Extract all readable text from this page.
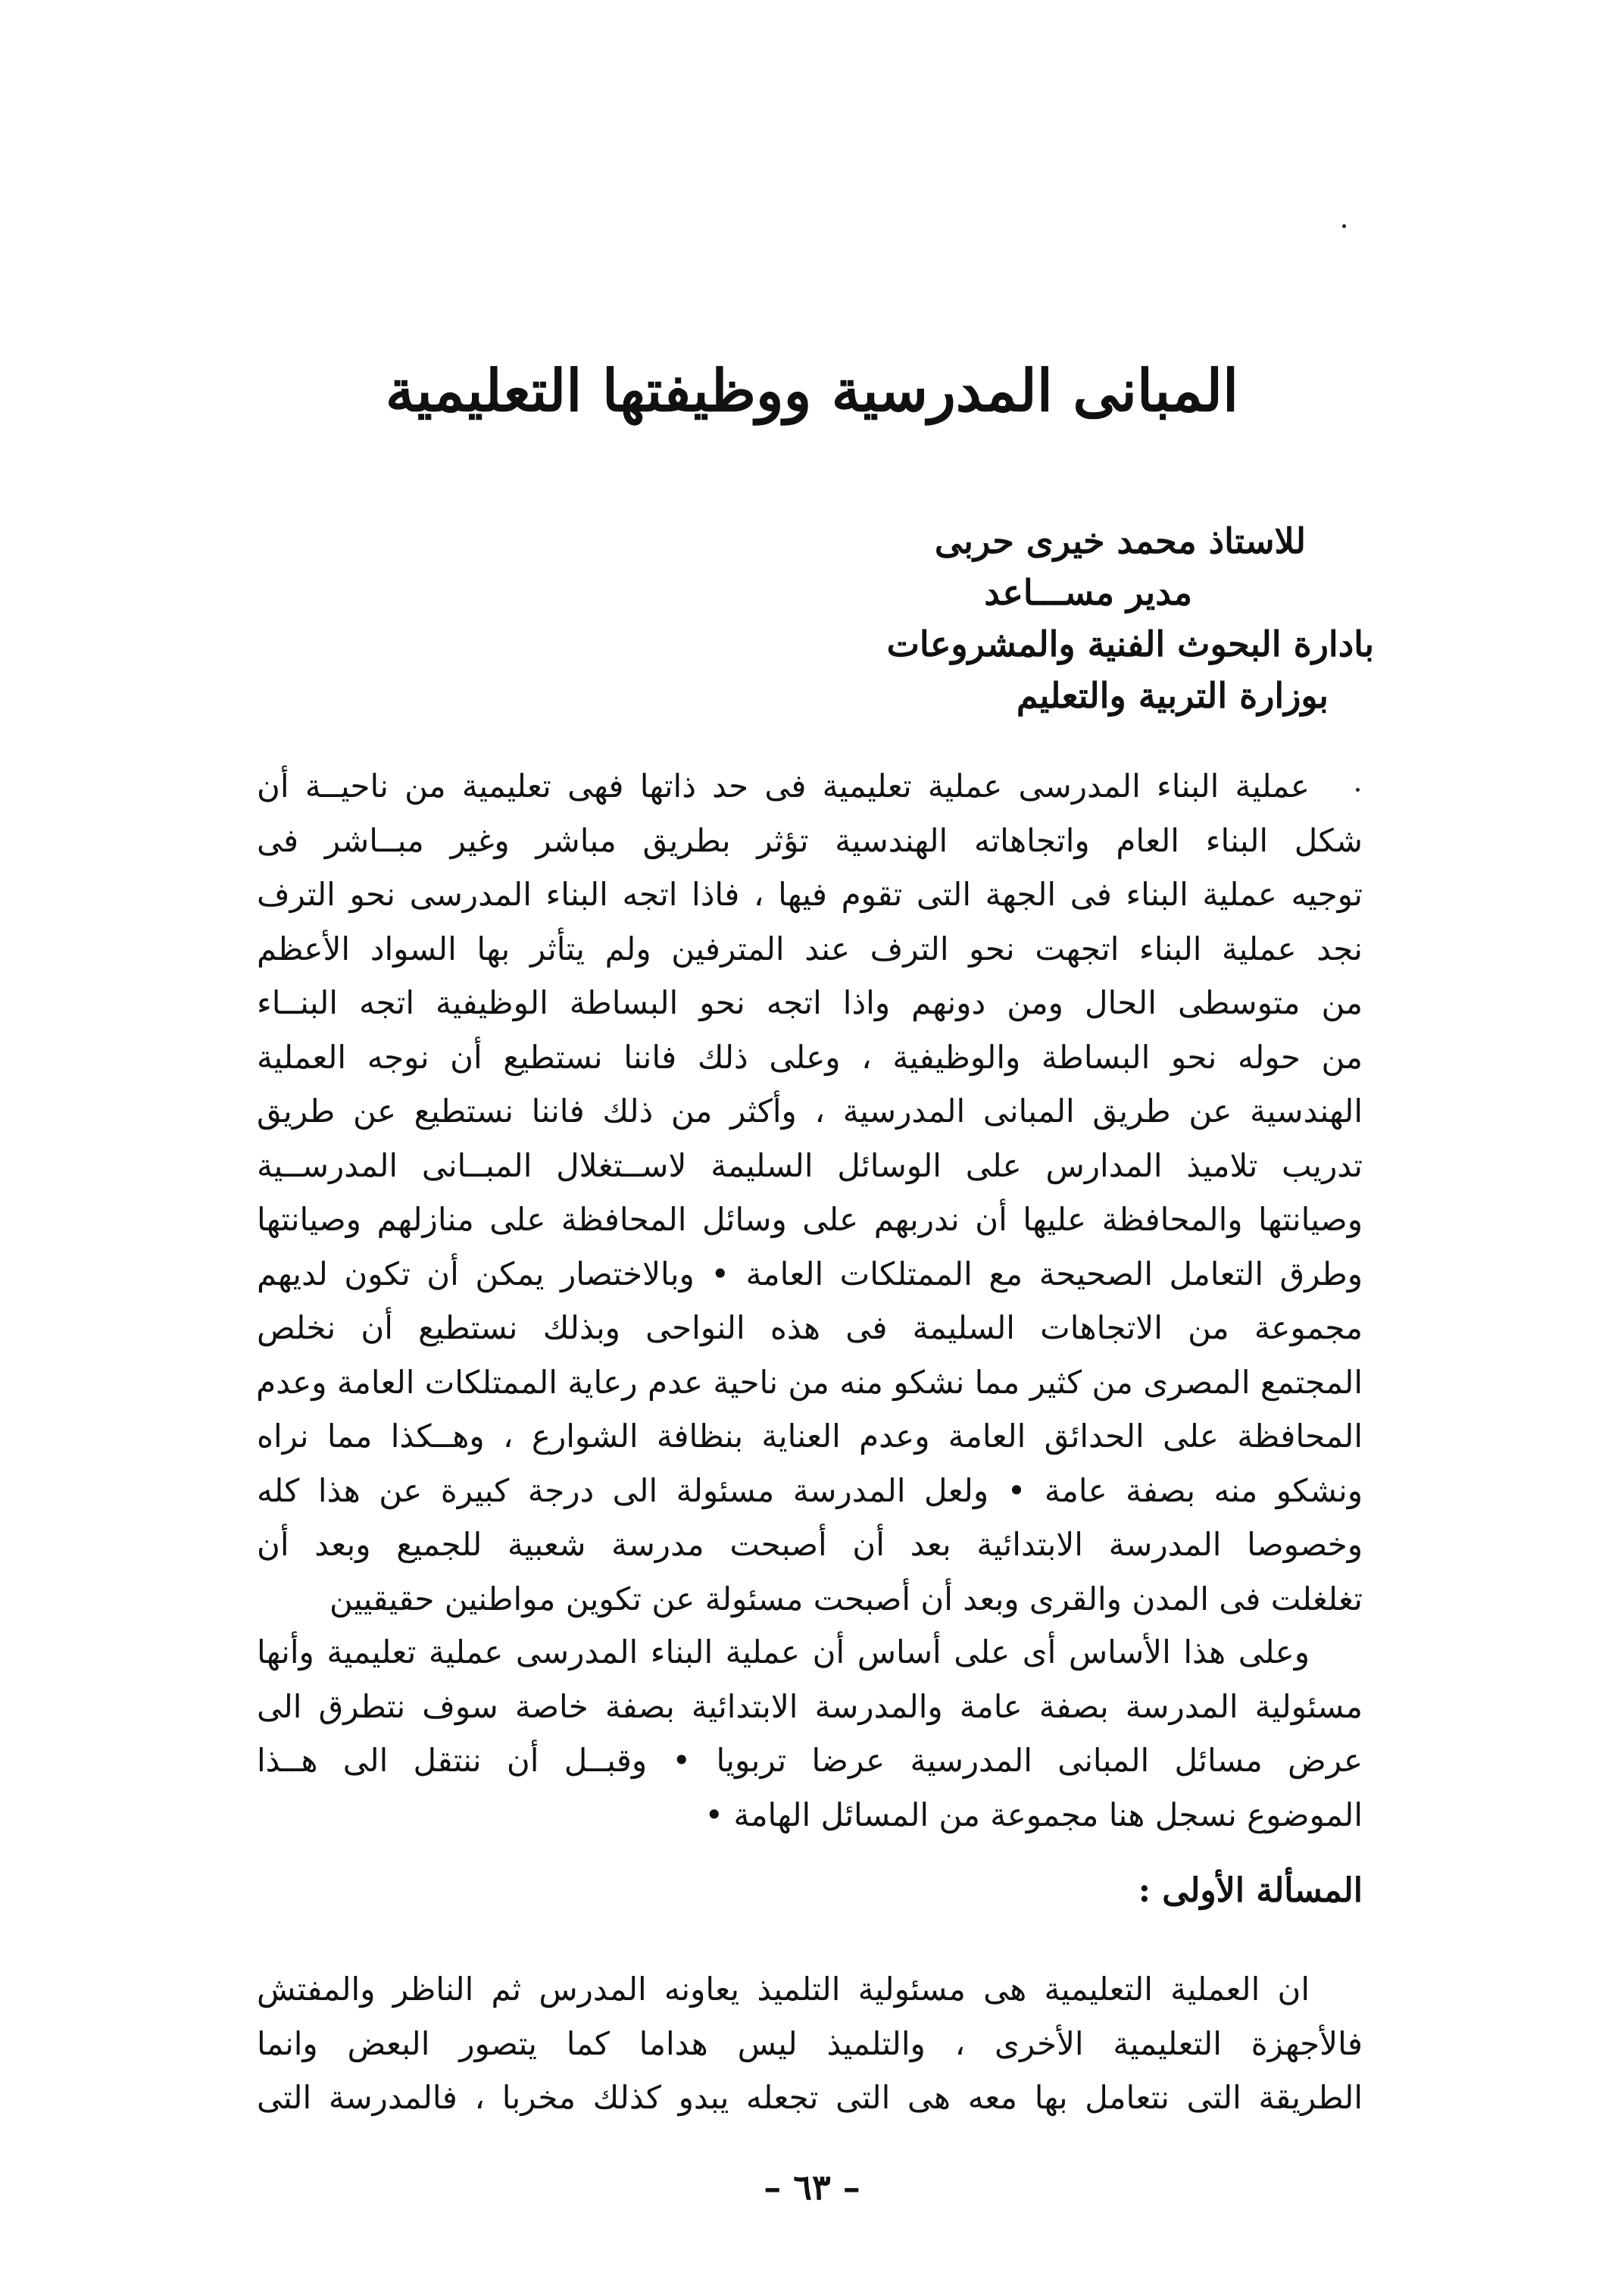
المبانى المدرسية ووظيفتها التعليمية
للاستاذ محمد خيرى حربى
مدير مســـاعد
بادارة البحوث الفنية والمشروعات
بوزارة التربية والتعليم
عملية البناء المدرسى عملية تعليمية فى حد ذاتها فهى تعليمية من ناحيــة أن
شكل البناء العام واتجاهاته الهندسية تؤثر بطريق مباشر وغير مبــاشر فى
توجيه عملية البناء فى الجهة التى تقوم فيها ، فاذا اتجه البناء المدرسى نحو الترف
نجد عملية البناء اتجهت نحو الترف عند المترفين ولم يتأثر بها السواد الأعظم
من متوسطى الحال ومن دونهم واذا اتجه نحو البساطة الوظيفية اتجه البنــاء
من حوله نحو البساطة والوظيفية ، وعلى ذلك فاننا نستطيع أن نوجه العملية
الهندسية عن طريق المبانى المدرسية ، وأكثر من ذلك فاننا نستطيع عن طريق
تدريب تلاميذ المدارس على الوسائل السليمة لاســتغلال المبــانى المدرســية
وصيانتها والمحافظة عليها أن ندربهم على وسائل المحافظة على منازلهم وصيانتها
وطرق التعامل الصحيحة مع الممتلكات العامة • وبالاختصار يمكن أن تكون لديهم
مجموعة من الاتجاهات السليمة فى هذه النواحى وبذلك نستطيع أن نخلص
المجتمع المصرى من كثير مما نشكو منه من ناحية عدم رعاية الممتلكات العامة وعدم
المحافظة على الحدائق العامة وعدم العناية بنظافة الشوارع ، وهــكذا مما نراه
ونشكو منه بصفة عامة • ولعل المدرسة مسئولة الى درجة كبيرة عن هذا كله
وخصوصا المدرسة الابتدائية بعد أن أصبحت مدرسة شعبية للجميع وبعد أن
تغلغلت فى المدن والقرى وبعد أن أصبحت مسئولة عن تكوين مواطنين حقيقيين
وعلى هذا الأساس أى على أساس أن عملية البناء المدرسى عملية تعليمية وأنها
مسئولية المدرسة بصفة عامة والمدرسة الابتدائية بصفة خاصة سوف نتطرق الى
عرض مسائل المبانى المدرسية عرضا تربويا • وقبــل أن ننتقل الى هــذا
الموضوع نسجل هنا مجموعة من المسائل الهامة •
المسألة الأولى :
ان العملية التعليمية هى مسئولية التلميذ يعاونه المدرس ثم الناظر والمفتش
فالأجهزة التعليمية الأخرى ، والتلميذ ليس هداما كما يتصور البعض وانما
الطريقة التى نتعامل بها معه هى التى تجعله يبدو كذلك مخربا ، فالمدرسة التى
– ٦٣ –
